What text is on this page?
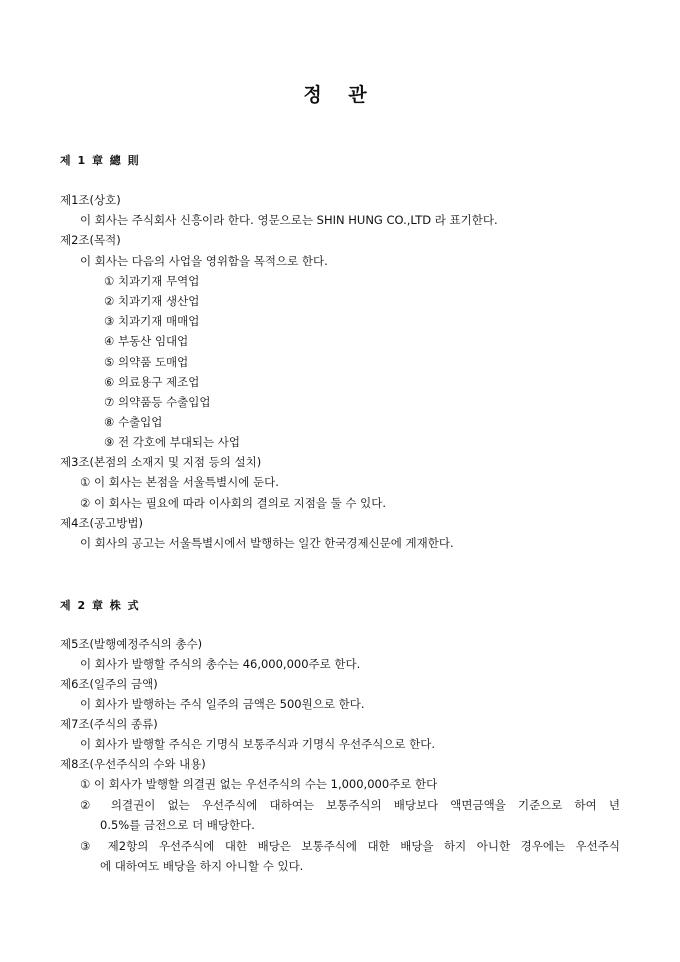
정 관
제 1 章 總 則
제1조(상호)
이 회사는 주식회사 신흥이라 한다. 영문으로는 SHIN HUNG CO.,LTD 라 표기한다.
제2조(목적)
이 회사는 다음의 사업을 영위함을 목적으로 한다.
① 치과기재 무역업
② 치과기재 생산업
③ 치과기재 매매업
④ 부동산 임대업
⑤ 의약품 도매업
⑥ 의료용구 제조업
⑦ 의약품등 수출입업
⑧ 수출입업
⑨ 전 각호에 부대되는 사업
제3조(본점의 소재지 및 지점 등의 설치)
① 이 회사는 본점을 서울특별시에 둔다.
② 이 회사는 필요에 따라 이사회의 결의로 지점을 둘 수 있다.
제4조(공고방법)
이 회사의 공고는 서울특별시에서 발행하는 일간 한국경제신문에 게재한다.
제 2 章 株 式
제5조(발행예정주식의 총수)
이 회사가 발행할 주식의 총수는 46,000,000주로 한다.
제6조(일주의 금액)
이 회사가 발행하는 주식 일주의 금액은 500원으로 한다.
제7조(주식의 종류)
이 회사가 발행할 주식은 기명식 보통주식과 기명식 우선주식으로 한다.
제8조(우선주식의 수와 내용)
① 이 회사가 발행할 의결권 없는 우선주식의 수는 1,000,000주로 한다
② 의결권이 없는 우선주식에 대하여는 보통주식의 배당보다 액면금액을 기준으로 하여 년
0.5%를 금전으로 더 배당한다.
③ 제2항의 우선주식에 대한 배당은 보통주식에 대한 배당을 하지 아니한 경우에는 우선주식
에 대하여도 배당을 하지 아니할 수 있다.
